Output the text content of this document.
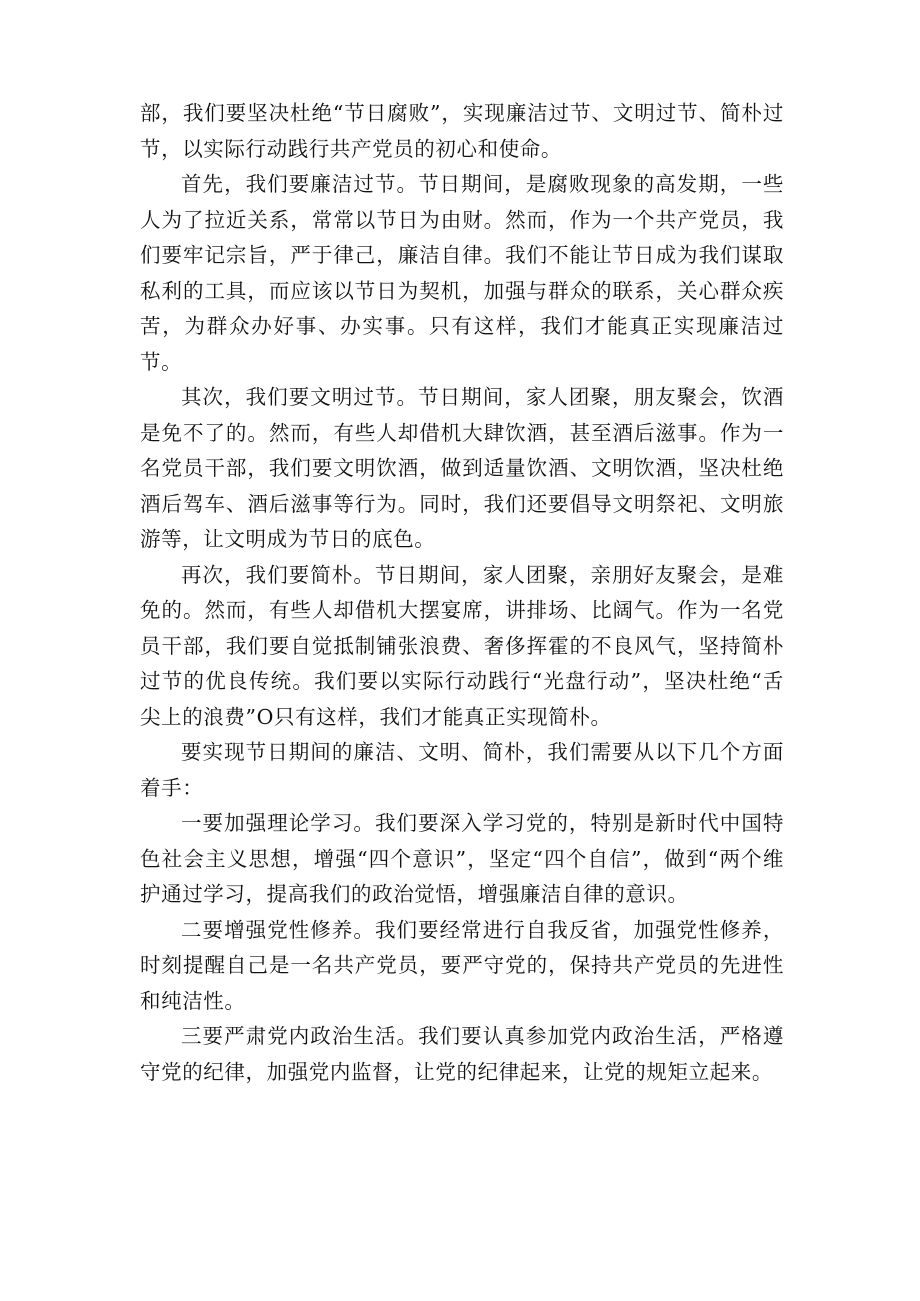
部，我们要坚决杜绝“节日腐败”，实现廉洁过节、文明过节、简朴过节，以实际行动践行共产党员的初心和使命。

首先，我们要廉洁过节。节日期间，是腐败现象的高发期，一些人为了拉近关系，常常以节日为由财。然而，作为一个共产党员，我们要牢记宗旨，严于律己，廉洁自律。我们不能让节日成为我们谋取私利的工具，而应该以节日为契机，加强与群众的联系，关心群众疾苦，为群众办好事、办实事。只有这样，我们才能真正实现廉洁过节。

其次，我们要文明过节。节日期间，家人团聚，朋友聚会，饮酒是免不了的。然而，有些人却借机大肆饮酒，甚至酒后滋事。作为一名党员干部，我们要文明饮酒，做到适量饮酒、文明饮酒，坚决杜绝酒后驾车、酒后滋事等行为。同时，我们还要倡导文明祭祀、文明旅游等，让文明成为节日的底色。

再次，我们要简朴。节日期间，家人团聚，亲朋好友聚会，是难免的。然而，有些人却借机大摆宴席，讲排场、比阔气。作为一名党员干部，我们要自觉抵制铺张浪费、奢侈挥霍的不良风气，坚持简朴过节的优良传统。我们要以实际行动践行“光盘行动”，坚决杜绝“舌尖上的浪费”O只有这样，我们才能真正实现简朴。

要实现节日期间的廉洁、文明、简朴，我们需要从以下几个方面着手：

一要加强理论学习。我们要深入学习党的，特别是新时代中国特色社会主义思想，增强“四个意识”，坚定“四个自信”，做到“两个维护通过学习，提高我们的政治觉悟，增强廉洁自律的意识。

二要增强党性修养。我们要经常进行自我反省，加强党性修养，时刻提醒自己是一名共产党员，要严守党的，保持共产党员的先进性和纯洁性。

三要严肃党内政治生活。我们要认真参加党内政治生活，严格遵守党的纪律，加强党内监督，让党的纪律起来，让党的规矩立起来。
